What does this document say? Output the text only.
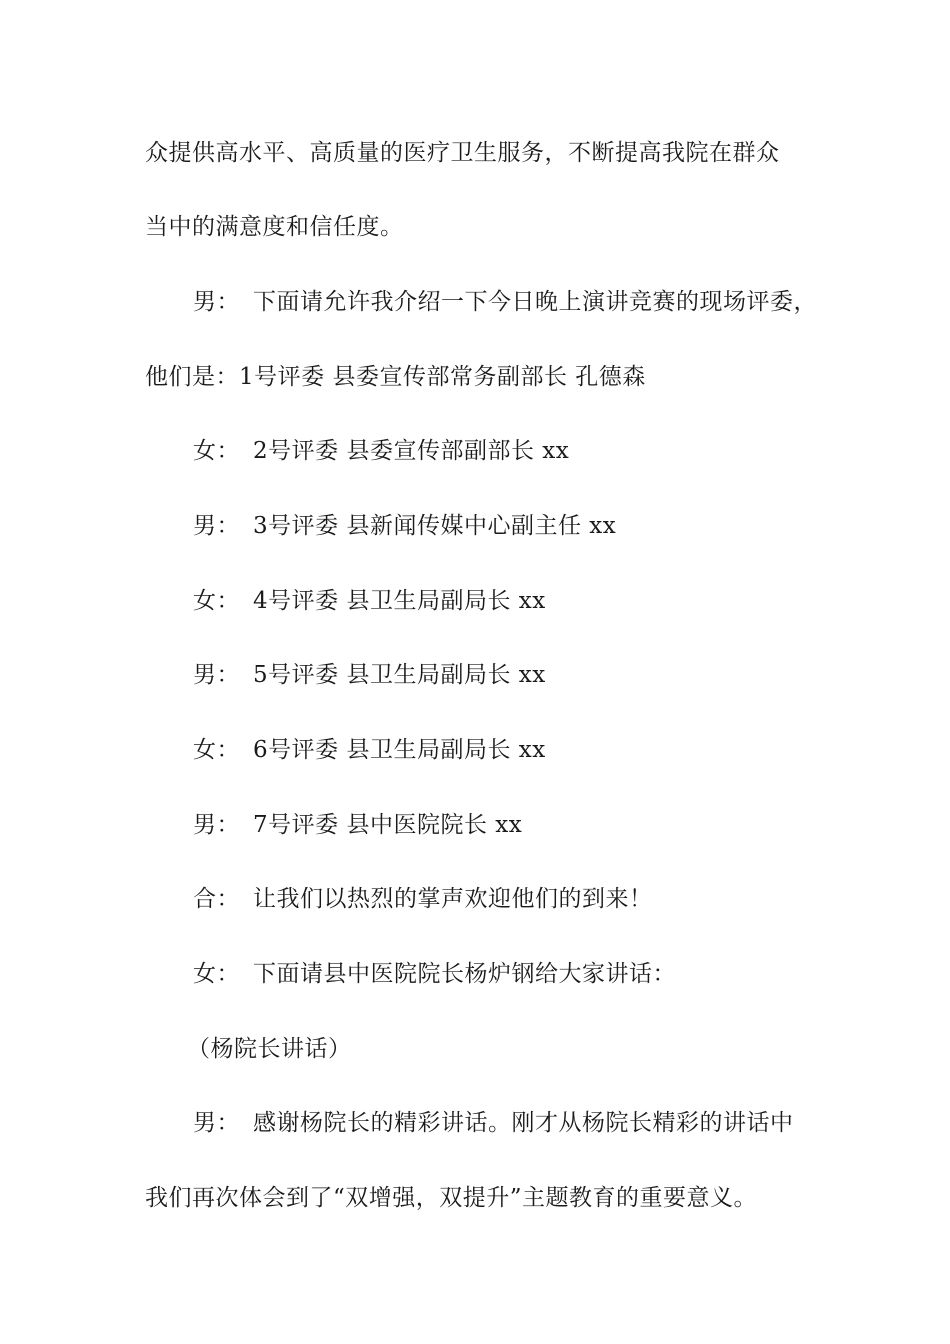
众提供高水平、高质量的医疗卫生服务，不断提高我院在群众
当中的满意度和信任度。
男： 下面请允许我介绍一下今日晚上演讲竞赛的现场评委，
他们是：1号评委 县委宣传部常务副部长 孔德森
女： 2号评委 县委宣传部副部长 xx
男： 3号评委 县新闻传媒中心副主任 xx
女： 4号评委 县卫生局副局长 xx
男： 5号评委 县卫生局副局长 xx
女： 6号评委 县卫生局副局长 xx
男： 7号评委 县中医院院长 xx
合： 让我们以热烈的掌声欢迎他们的到来！
女： 下面请县中医院院长杨炉钢给大家讲话：
（杨院长讲话）
男： 感谢杨院长的精彩讲话。刚才从杨院长精彩的讲话中
我们再次体会到了“双增强，双提升”主题教育的重要意义。
